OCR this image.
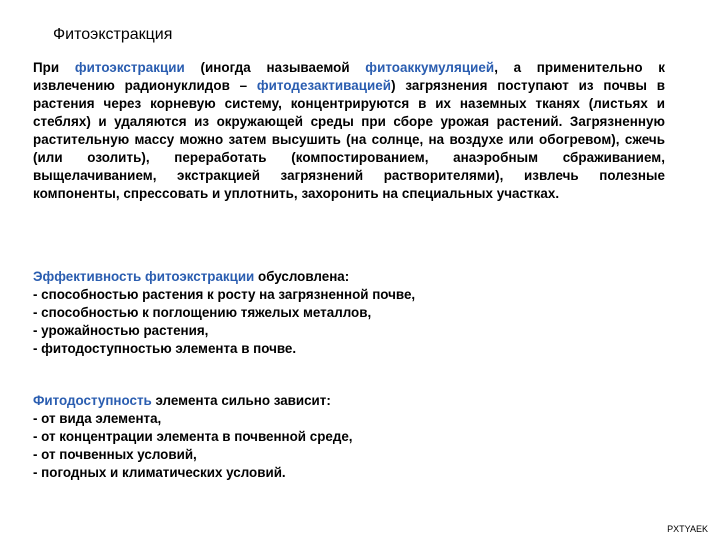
Фитоэкстракция
При фитоэкстракции (иногда называемой фитоаккумуляцией, а применительно к извлечению радионуклидов – фитодезактивацией) загрязнения поступают из почвы в растения через корневую систему, концентрируются в их наземных тканях (листьях и стеблях) и удаляются из окружающей среды при сборе урожая растений. Загрязненную растительную массу можно затем высушить (на солнце, на воздухе или обогревом), сжечь (или озолить), переработать (компостированием, анаэробным сбраживанием, выщелачиванием, экстракцией загрязнений растворителями), извлечь полезные компоненты, спрессовать и уплотнить, захоронить на специальных участках.
Эффективность фитоэкстракции обусловлена:
- способностью растения к росту на загрязненной почве,
- способностью к поглощению тяжелых металлов,
- урожайностью растения,
- фитодоступностью элемента в почве.
Фитодоступность элемента сильно зависит:
- от вида элемента,
- от концентрации элемента в почвенной среде,
- от почвенных условий,
- погодных и климатических условий.
PXTYAEK
